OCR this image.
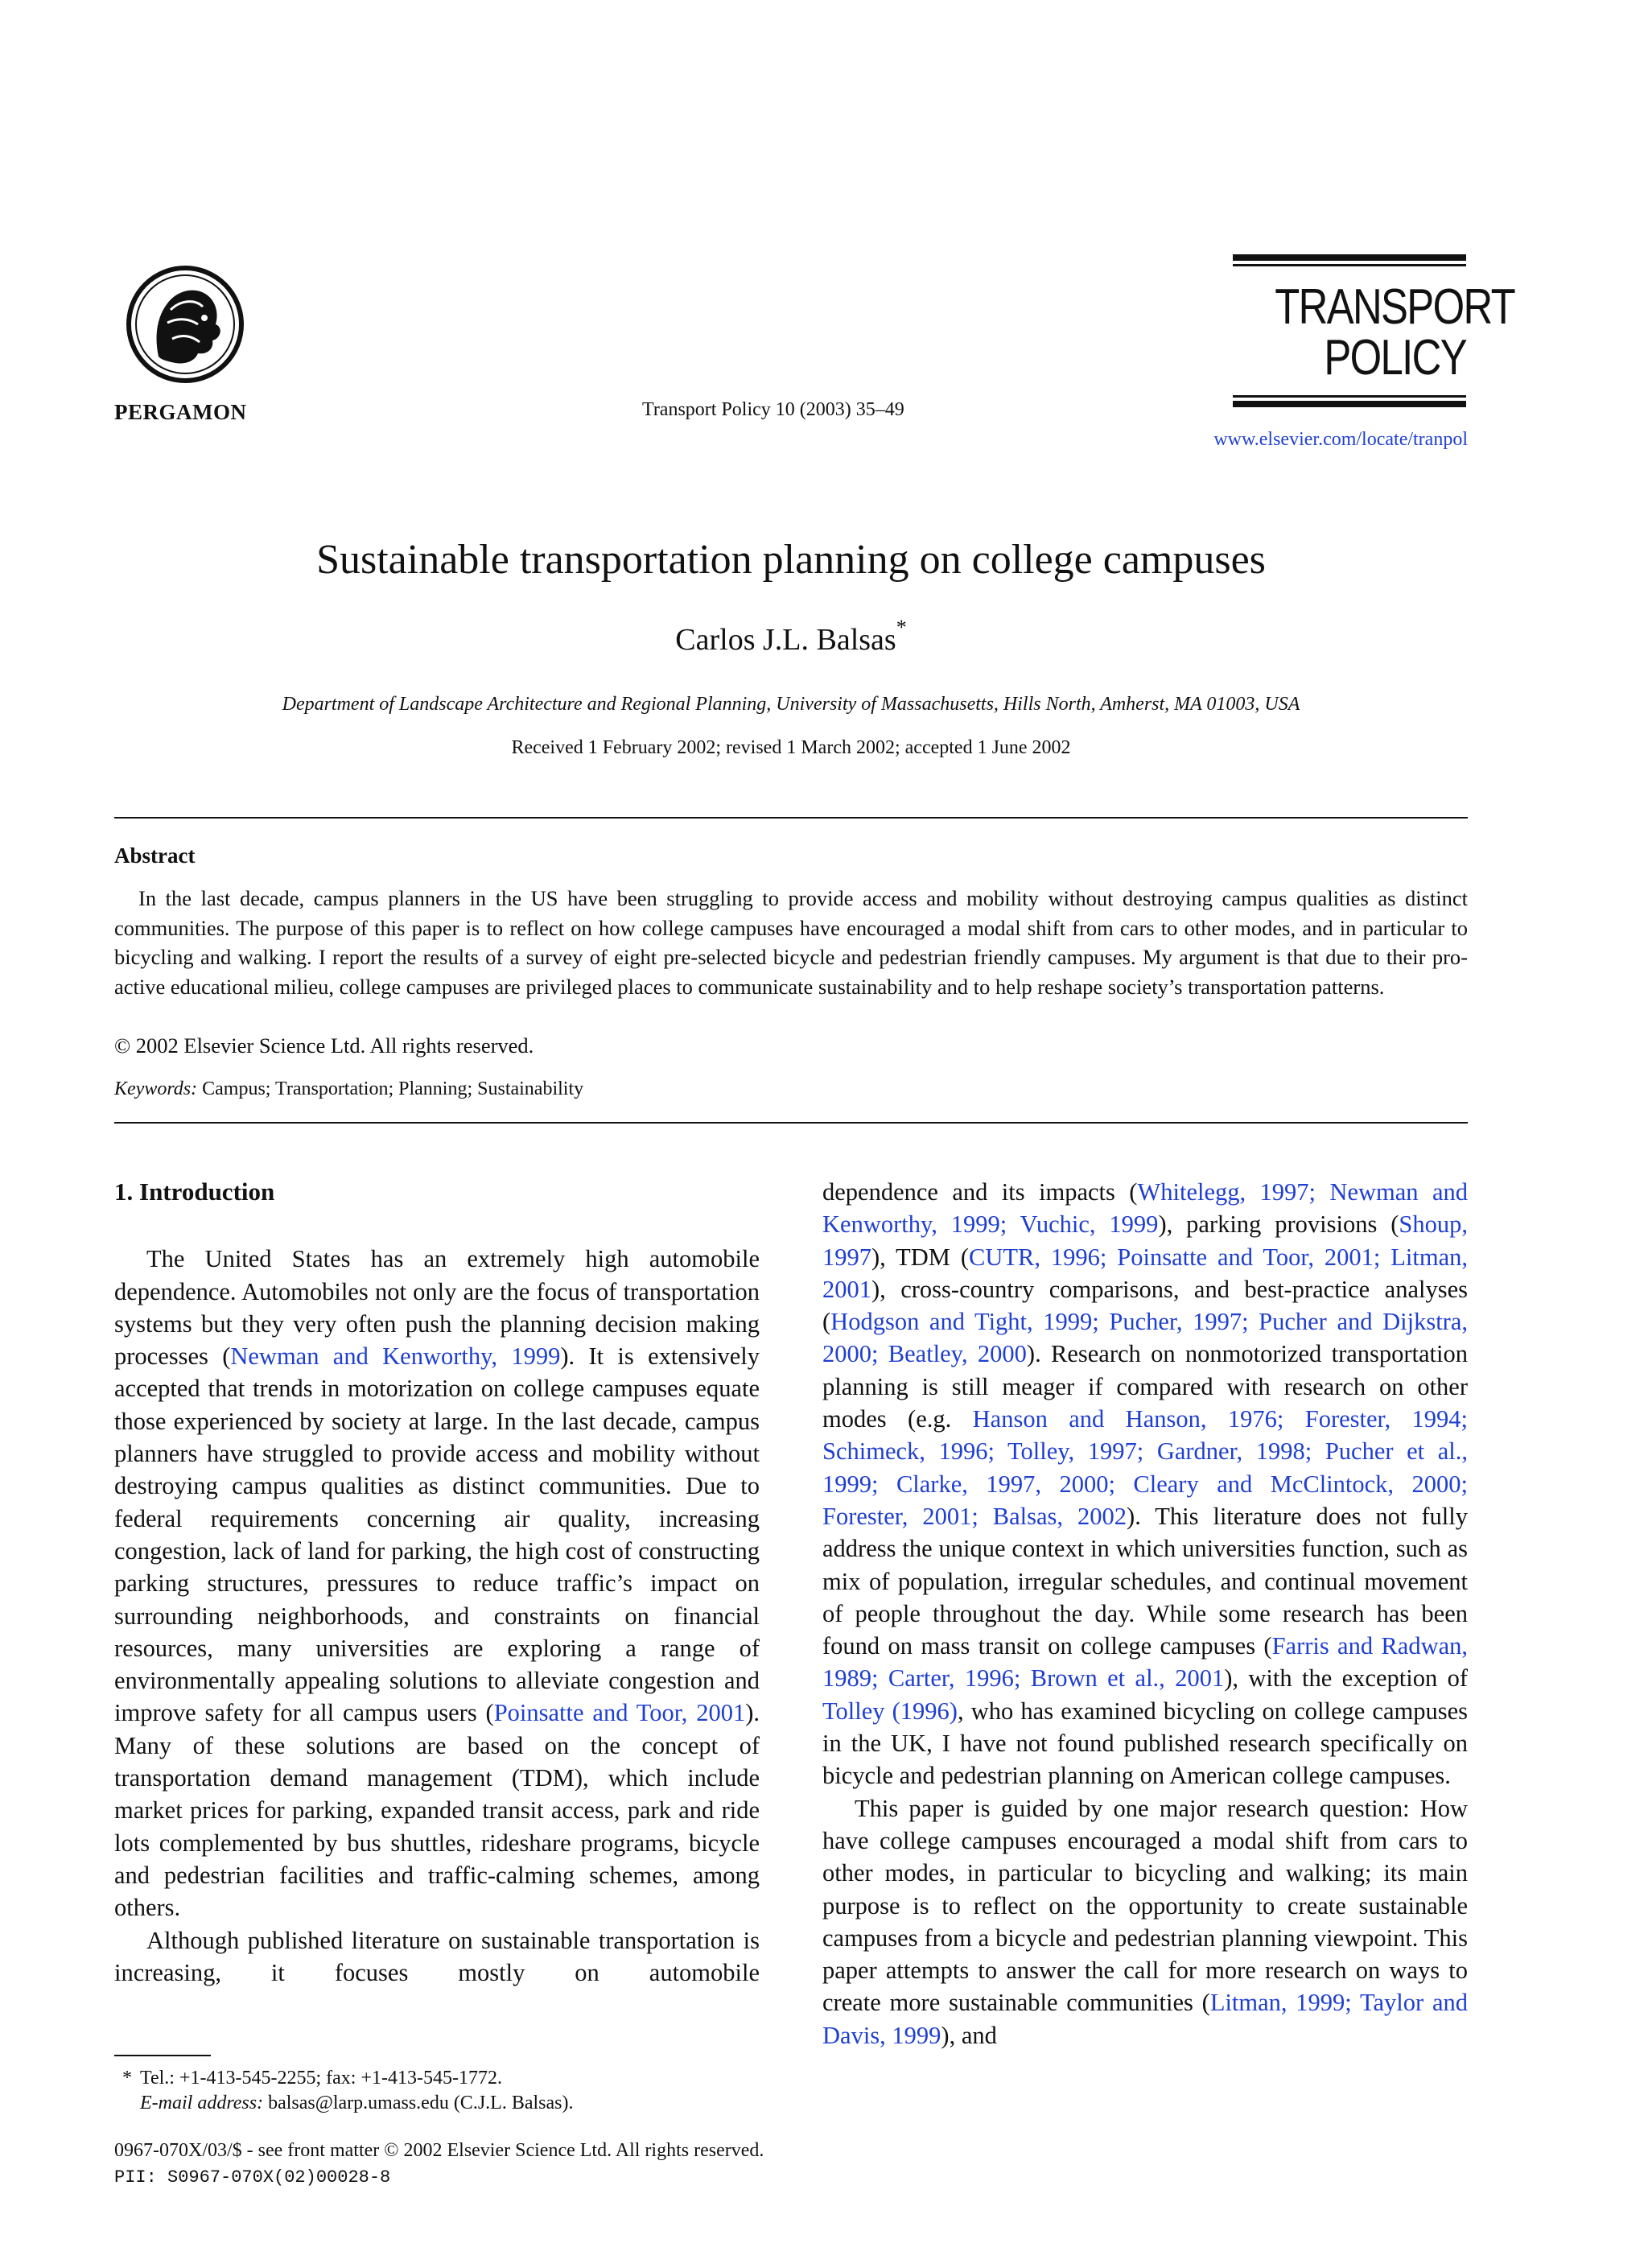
PERGAMON	Transport Policy 10 (2003) 35–49
TRANSPORT
POLICY
www.elsevier.com/locate/tranpol
Sustainable transportation planning on college campuses
Carlos J.L. Balsas*
Department of Landscape Architecture and Regional Planning, University of Massachusetts, Hills North, Amherst, MA 01003, USA
Received 1 February 2002; revised 1 March 2002; accepted 1 June 2002
Abstract

In the last decade, campus planners in the US have been struggling to provide access and mobility without destroying campus qualities as distinct communities. The purpose of this paper is to reflect on how college campuses have encouraged a modal shift from cars to other modes, and in particular to bicycling and walking. I report the results of a survey of eight pre-selected bicycle and pedestrian friendly campuses. My argument is that due to their pro-active educational milieu, college campuses are privileged places to communicate sustainability and to help reshape society’s transportation patterns.

© 2002 Elsevier Science Ltd. All rights reserved.
Keywords: Campus; Transportation; Planning; Sustainability
1. Introduction

The United States has an extremely high automobile dependence. Automobiles not only are the focus of transportation systems but they very often push the planning decision making processes (Newman and Kenworthy, 1999). It is extensively accepted that trends in motorization on college campuses equate those experienced by society at large. In the last decade, campus planners have struggled to provide access and mobility without destroying campus qualities as distinct communities. Due to federal requirements concerning air quality, increasing congestion, lack of land for parking, the high cost of constructing parking structures, pressures to reduce traffic’s impact on surrounding neighborhoods, and constraints on financial resources, many universities are exploring a range of environmentally appealing solutions to alleviate congestion and improve safety for all campus users (Poinsatte and Toor, 2001). Many of these solutions are based on the concept of transportation demand management (TDM), which include market prices for parking, expanded transit access, park and ride lots complemented by bus shuttles, rideshare programs, bicycle and pedestrian facilities and traffic-calming schemes, among others.

Although published literature on sustainable transportation is increasing, it focuses mostly on automobile

dependence and its impacts (Whitelegg, 1997; Newman and Kenworthy, 1999; Vuchic, 1999), parking provisions (Shoup, 1997), TDM (CUTR, 1996; Poinsatte and Toor, 2001; Litman, 2001), cross-country comparisons, and best-practice analyses (Hodgson and Tight, 1999; Pucher, 1997; Pucher and Dijkstra, 2000; Beatley, 2000). Research on nonmotorized transportation planning is still meager if compared with research on other modes (e.g. Hanson and Hanson, 1976; Forester, 1994; Schimeck, 1996; Tolley, 1997; Gardner, 1998; Pucher et al., 1999; Clarke, 1997, 2000; Cleary and McClintock, 2000; Forester, 2001; Balsas, 2002). This literature does not fully address the unique context in which universities function, such as mix of population, irregular schedules, and continual movement of people throughout the day. While some research has been found on mass transit on college campuses (Farris and Radwan, 1989; Carter, 1996; Brown et al., 2001), with the exception of Tolley (1996), who has examined bicycling on college campuses in the UK, I have not found published research specifically on bicycle and pedestrian planning on American college campuses.

This paper is guided by one major research question: How have college campuses encouraged a modal shift from cars to other modes, in particular to bicycling and walking; its main purpose is to reflect on the opportunity to create sustainable campuses from a bicycle and pedestrian planning viewpoint. This paper attempts to answer the call for more research on ways to create more sustainable communities (Litman, 1999; Taylor and Davis, 1999), and

* Tel.: +1-413-545-2255; fax: +1-413-545-1772.
E-mail address: balsas@larp.umass.edu (C.J.L. Balsas).
0967-070X/03/$ - see front matter © 2002 Elsevier Science Ltd. All rights reserved.
PII: S0967-070X(02)00028-8
